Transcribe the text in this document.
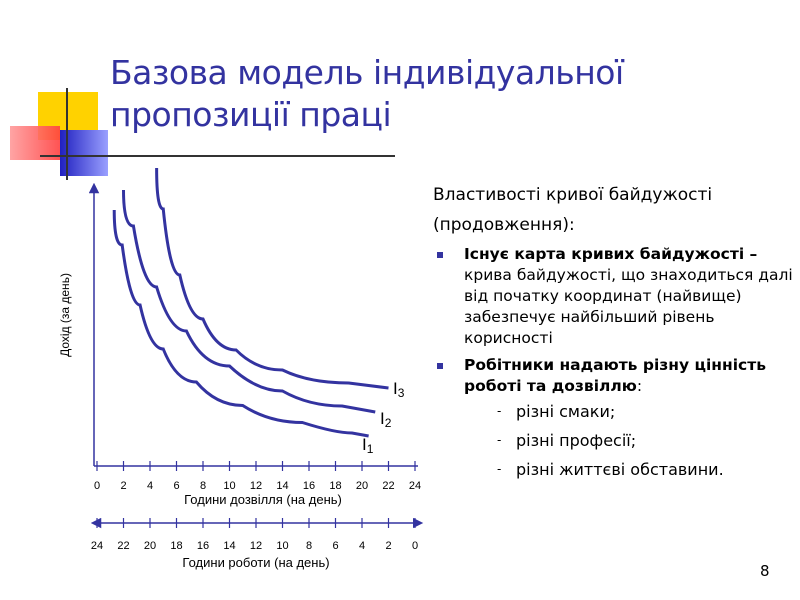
Базова модель індивідуальної
пропозиції праці
0 2 4 6 8 10 12 14 16 18 20 22 24
Години дозвілля (на день)
24 22 20 18 16 14 12 10 8 6 4 2 0
Години роботи (на день)
Дохід (за день)
I1
I2
I3
Властивості кривої байдужості
(продовження):
Існує карта кривих байдужості – крива байдужості, що знаходиться далі від початку координат (найвище) забезпечує найбільший рівень корисності
Робітники надають різну цінність роботі та дозвіллю:
- різні смаки;
- різні професії;
- різні життєві обставини.
8
